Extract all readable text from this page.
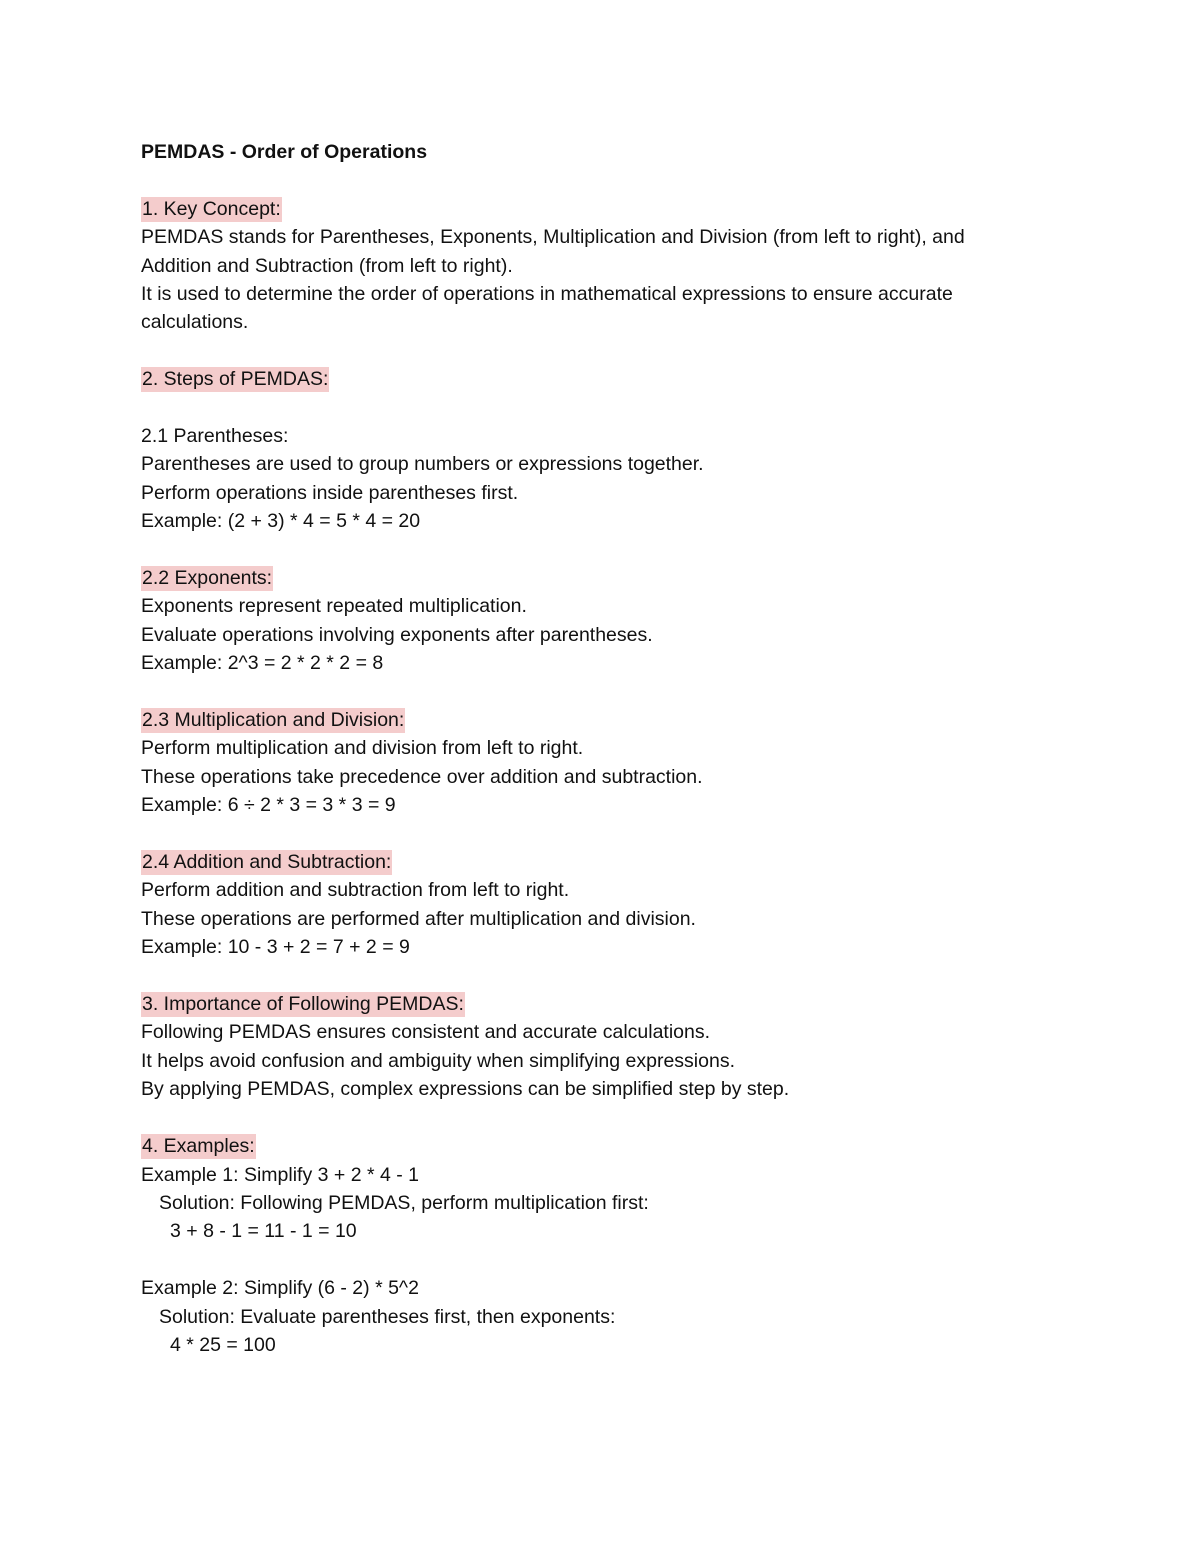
PEMDAS - Order of Operations

1. Key Concept:

PEMDAS stands for Parentheses, Exponents, Multiplication and Division (from left to right), and

Addition and Subtraction (from left to right).

It is used to determine the order of operations in mathematical expressions to ensure accurate

calculations.

2. Steps of PEMDAS:

2.1 Parentheses:

Parentheses are used to group numbers or expressions together.

Perform operations inside parentheses first.

Example: (2 + 3) * 4 = 5 * 4 = 20

2.2 Exponents:

Exponents represent repeated multiplication.

Evaluate operations involving exponents after parentheses.

Example: 2^3 = 2 * 2 * 2 = 8

2.3 Multiplication and Division:

Perform multiplication and division from left to right.

These operations take precedence over addition and subtraction.

Example: 6 ÷ 2 * 3 = 3 * 3 = 9

2.4 Addition and Subtraction:

Perform addition and subtraction from left to right.

These operations are performed after multiplication and division.

Example: 10 - 3 + 2 = 7 + 2 = 9

3. Importance of Following PEMDAS:

Following PEMDAS ensures consistent and accurate calculations.

It helps avoid confusion and ambiguity when simplifying expressions.

By applying PEMDAS, complex expressions can be simplified step by step.

4. Examples:

Example 1: Simplify 3 + 2 * 4 - 1

Solution: Following PEMDAS, perform multiplication first:

3 + 8 - 1 = 11 - 1 = 10

Example 2: Simplify (6 - 2) * 5^2

Solution: Evaluate parentheses first, then exponents:

4 * 25 = 100
